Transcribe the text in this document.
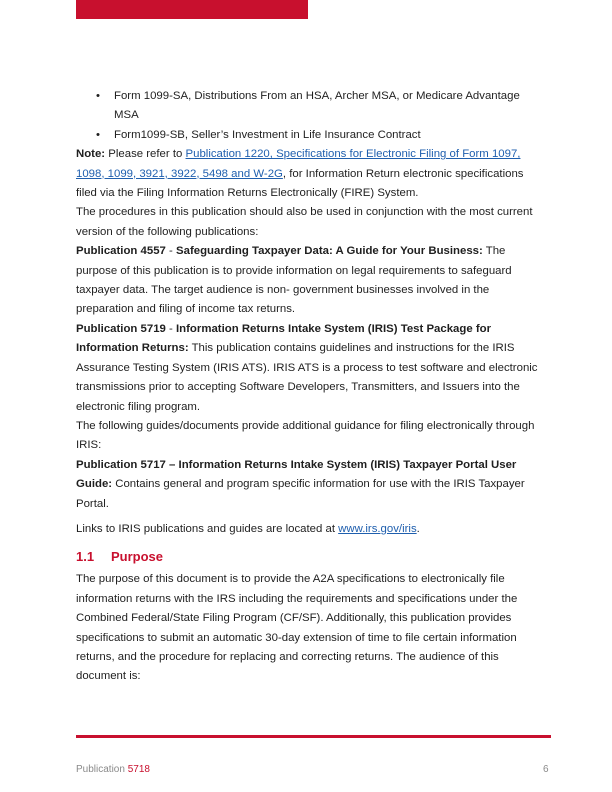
• Form 1099-SA, Distributions From an HSA, Archer MSA, or Medicare Advantage MSA
• Form1099-SB, Seller’s Investment in Life Insurance Contract

Note: Please refer to Publication 1220, Specifications for Electronic Filing of Form 1097, 1098, 1099, 3921, 3922, 5498 and W-2G, for Information Return electronic specifications filed via the Filing Information Returns Electronically (FIRE) System.

The procedures in this publication should also be used in conjunction with the most current version of the following publications:

Publication 4557 - Safeguarding Taxpayer Data: A Guide for Your Business: The purpose of this publication is to provide information on legal requirements to safeguard taxpayer data. The target audience is non- government businesses involved in the preparation and filing of income tax returns.

Publication 5719 - Information Returns Intake System (IRIS) Test Package for Information Returns: This publication contains guidelines and instructions for the IRIS Assurance Testing System (IRIS ATS). IRIS ATS is a process to test software and electronic transmissions prior to accepting Software Developers, Transmitters, and Issuers into the electronic filing program.

The following guides/documents provide additional guidance for filing electronically through IRIS:

Publication 5717 – Information Returns Intake System (IRIS) Taxpayer Portal User Guide: Contains general and program specific information for use with the IRIS Taxpayer Portal.

Links to IRIS publications and guides are located at www.irs.gov/iris.

1.1 Purpose

The purpose of this document is to provide the A2A specifications to electronically file information returns with the IRS including the requirements and specifications under the Combined Federal/State Filing Program (CF/SF). Additionally, this publication provides specifications to submit an automatic 30-day extension of time to file certain information returns, and the procedure for replacing and correcting returns. The audience of this document is:

Publication 5718	6
